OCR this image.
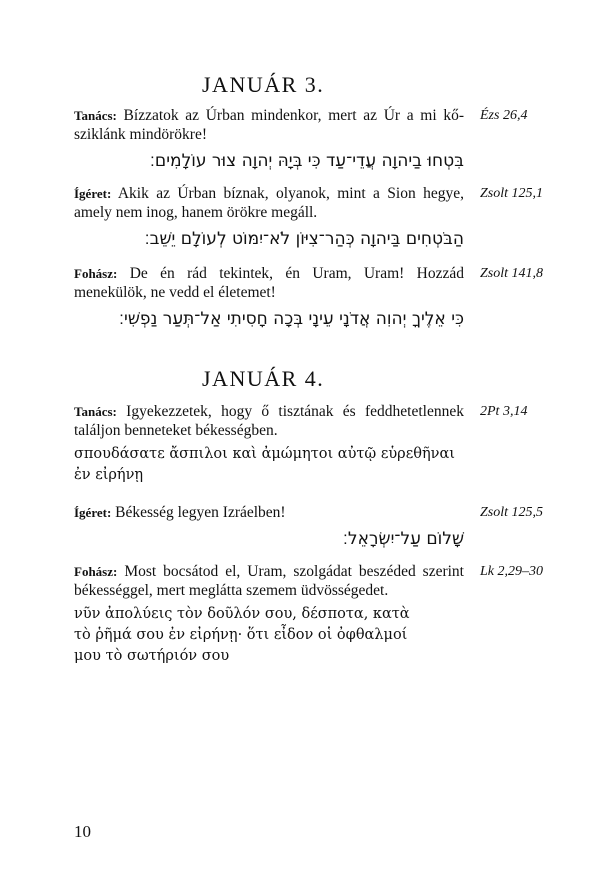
JANUÁR 3.
Tanács: Bízzatok az Úrban mindenkor, mert az Úr a mi kősziklánk mindörökre!
Ézs 26,4
בִּטְחוּ בַיהוָה עֲדֵי־עַד כִּי בְּיָהּ יְהוָה צוּר עוֹלָמִים׃
Ígéret: Akik az Úrban bíznak, olyanok, mint a Sion hegye, amely nem inog, hanem örökre megáll.
Zsolt 125,1
הַבֹּטְחִים בַּיהוָה כְּהַר־צִיּוֹן לֹא־יִמּוֹט לְעוֹלָם יֵשֵׁב׃
Fohász: De én rád tekintek, én Uram, Uram! Hozzád menekülök, ne vedd el életemet!
Zsolt 141,8
כִּי אֵלֶיךָ יְהוִה אֲדֹנָי עֵינָי בְּכָה חָסִיתִי אַל־תְּעַר נַפְשִׁי׃
JANUÁR 4.
Tanács: Igyekezzetek, hogy ő tisztának és feddhetetlennek találjon benneteket békességben.
2Pt 3,14
σπουδάσατε ἄσπιλοι καὶ ἀμώμητοι αὐτῷ εὑρεθῆναι ἐν εἰρήνῃ
Ígéret: Békesség legyen Izráelben!	Zsolt 125,5
שָׁלוֹם עַל־יִשְׂרָאֵל׃
Fohász: Most bocsátod el, Uram, szolgádat beszéded szerint békességgel, mert meglátta szemem üdvösségedet.
Lk 2,29–30
νῦν ἀπολύεις τὸν δοῦλόν σου, δέσποτα, κατὰ τὸ ῥῆμά σου ἐν εἰρήνῃ· ὅτι εἶδον οἱ ὀφθαλμοί μου τὸ σωτήριόν σου
10
